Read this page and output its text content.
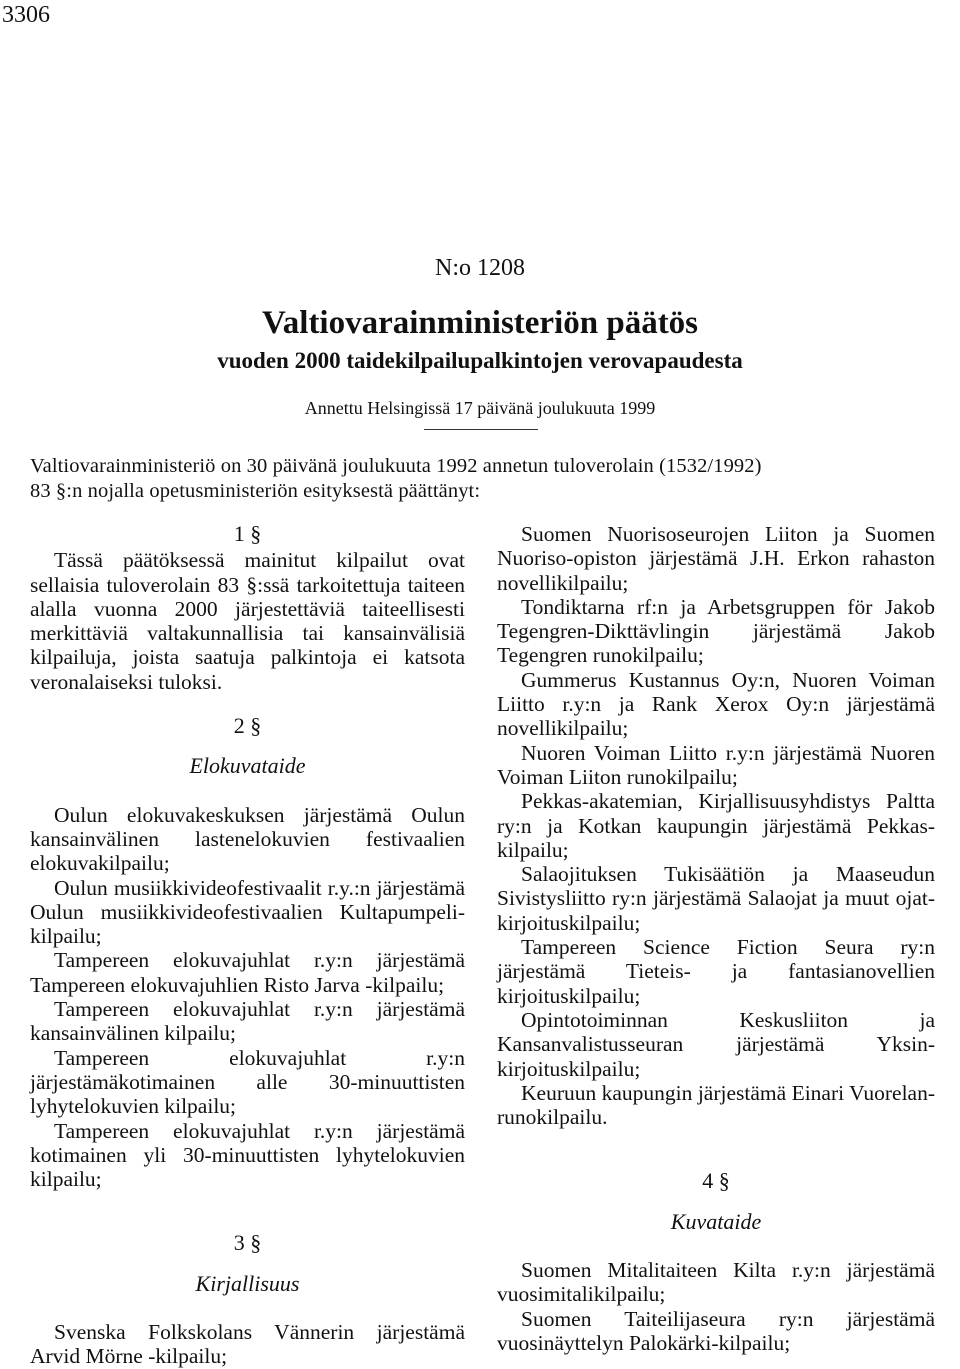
3306
N:o 1208
Valtiovarainministeriön päätös
vuoden 2000 taidekilpailupalkintojen verovapaudesta
Annettu Helsingissä 17 päivänä joulukuuta 1999

Valtiovarainministeriö on 30 päivänä joulukuuta 1992 annetun tuloverolain (1532/1992)

83 §:n nojalla opetusministeriön esityksestä päättänyt:

1 §

Tässä päätöksessä mainitut kilpailut ovat sellaisia tuloverolain 83 §:ssä tarkoitettuja taiteen alalla vuonna 2000 järjestettäviä taiteellisesti merkittäviä valtakunnallisia tai kansainvälisiä kilpailuja, joista saatuja palkintoja ei katsota veronalaiseksi tuloksi.

2 §

Elokuvataide

Oulun elokuvakeskuksen järjestämä Oulun kansainvälinen lastenelokuvien festivaalien elokuvakilpailu;

Oulun musiikkivideofestivaalit r.y.:n järjestämä Oulun musiikkivideofestivaalien Kultapumpeli-kilpailu;

Tampereen elokuvajuhlat r.y:n järjestämä Tampereen elokuvajuhlien Risto Jarva -kilpailu;

Tampereen elokuvajuhlat r.y:n järjestämä kansainvälinen kilpailu;

Tampereen elokuvajuhlat r.y:n järjestämäkotimainen alle 30-minuuttisten lyhytelokuvien kilpailu;

Tampereen elokuvajuhlat r.y:n järjestämä kotimainen yli 30-minuuttisten lyhytelokuvien kilpailu;

3 §

Kirjallisuus

Svenska Folkskolans Vännerin järjestämä Arvid Mörne -kilpailu;

Suomen Nuorisoseurojen Liiton ja Suomen Nuoriso-opiston järjestämä J.H. Erkon rahaston novellikilpailu;

Tondiktarna rf:n ja Arbetsgruppen för Jakob Tegengren-Dikttävlingin järjestämä Jakob Tegengren runokilpailu;

Gummerus Kustannus Oy:n, Nuoren Voiman Liitto r.y:n ja Rank Xerox Oy:n järjestämä novellikilpailu;

Nuoren Voiman Liitto r.y:n järjestämä Nuoren Voiman Liiton runokilpailu;

Pekkas-akatemian, Kirjallisuusyhdistys Paltta ry:n ja Kotkan kaupungin järjestämä Pekkas-kilpailu;

Salaojituksen Tukisäätiön ja Maaseudun Sivistysliitto ry:n järjestämä Salaojat ja muut ojat-kirjoituskilpailu;

Tampereen Science Fiction Seura ry:n järjestämä Tieteis- ja fantasianovellien kirjoituskilpailu;

Opintotoiminnan Keskusliiton ja Kansanvalistusseuran järjestämä Yksin-kirjoituskilpailu;

Keuruun kaupungin järjestämä Einari Vuorelan-runokilpailu.

4 §

Kuvataide

Suomen Mitalitaiteen Kilta r.y:n järjestämä vuosimitalikilpailu;

Suomen Taiteilijaseura ry:n järjestämä vuosinäyttelyn Palokärki-kilpailu;
